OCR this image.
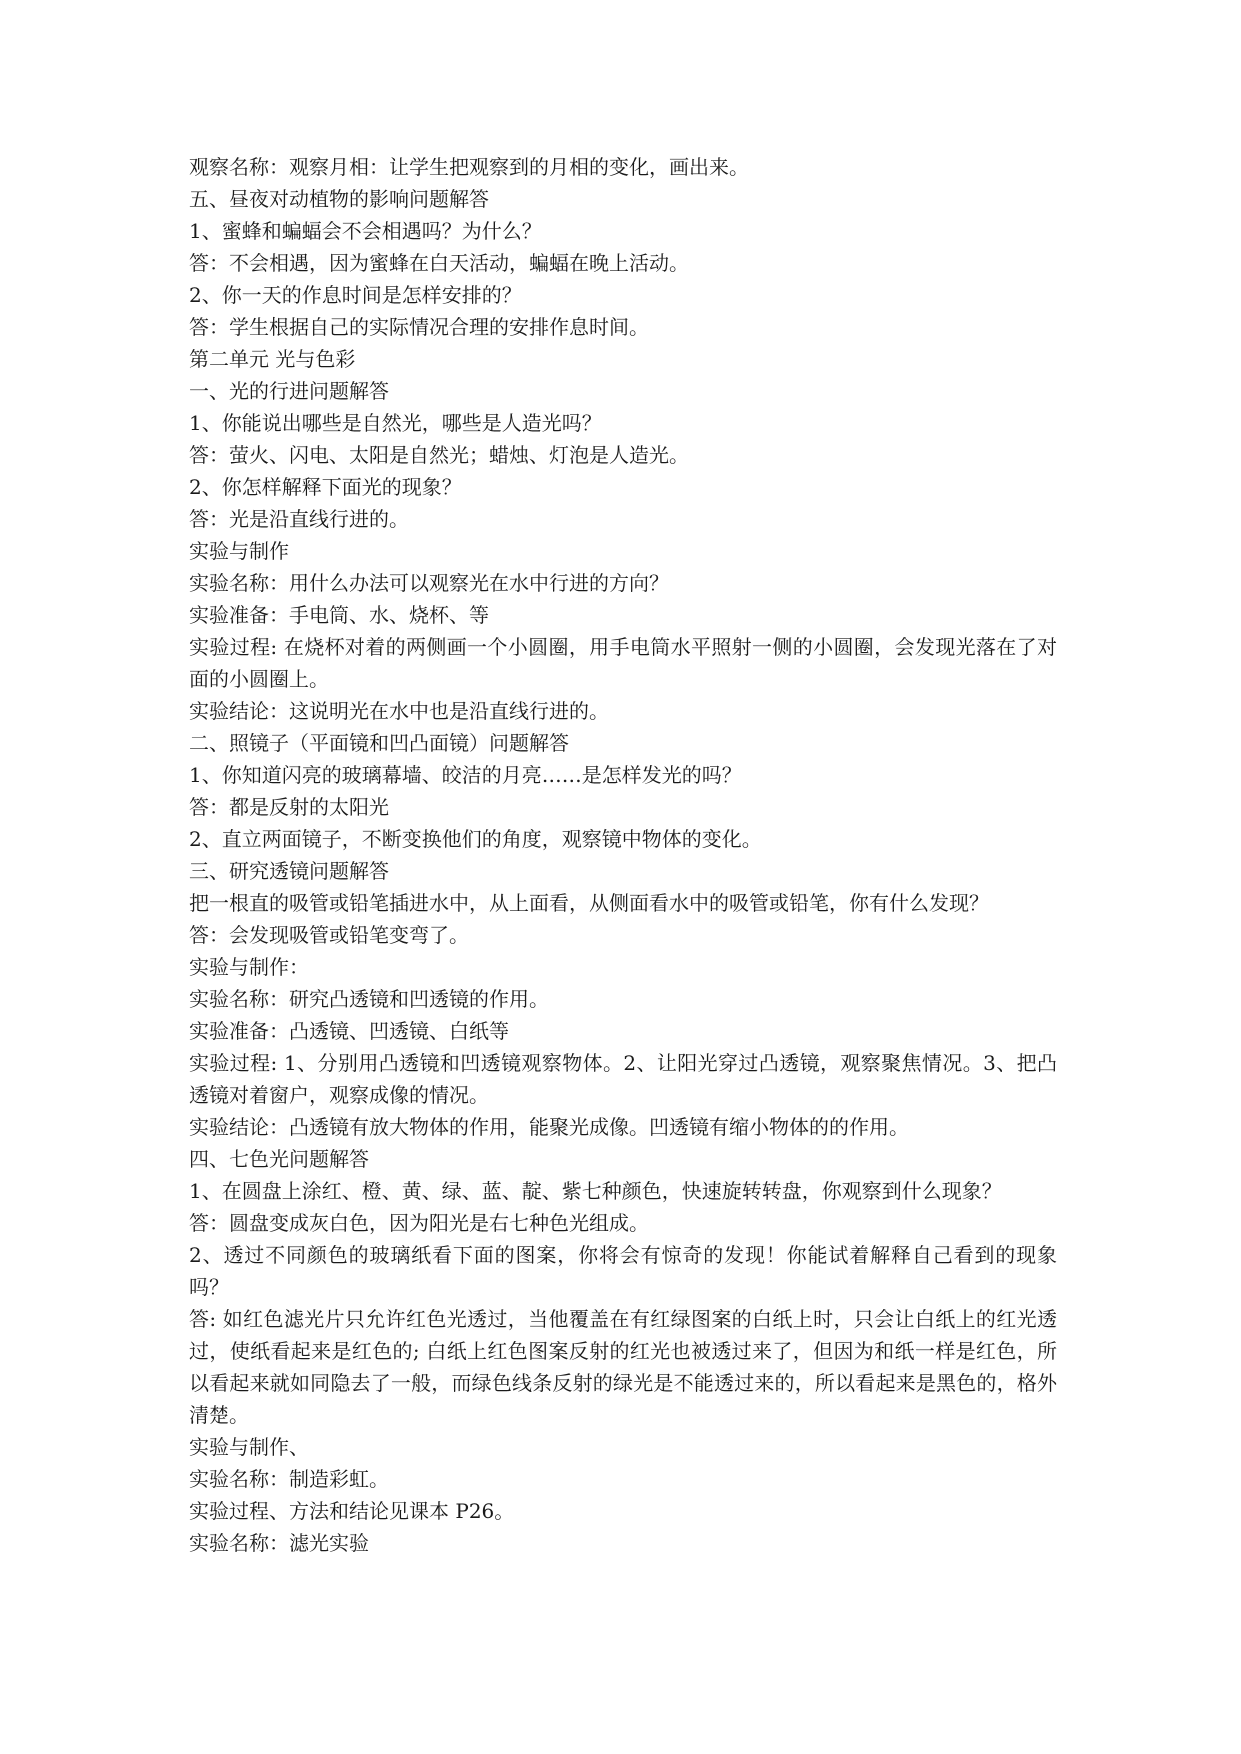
观察名称：观察月相：让学生把观察到的月相的变化，画出来。

五、昼夜对动植物的影响问题解答

1、蜜蜂和蝙蝠会不会相遇吗？为什么？

答：不会相遇，因为蜜蜂在白天活动，蝙蝠在晚上活动。

2、你一天的作息时间是怎样安排的？

答：学生根据自己的实际情况合理的安排作息时间。

第二单元 光与色彩

一、光的行进问题解答

1、你能说出哪些是自然光，哪些是人造光吗？

答：萤火、闪电、太阳是自然光；蜡烛、灯泡是人造光。

2、你怎样解释下面光的现象？

答：光是沿直线行进的。

实验与制作

实验名称：用什么办法可以观察光在水中行进的方向？

实验准备：手电筒、水、烧杯、等

实验过程: 在烧杯对着的两侧画一个小圆圈，用手电筒水平照射一侧的小圆圈，会发现光落在了对面的小圆圈上。

实验结论：这说明光在水中也是沿直线行进的。

二、照镜子（平面镜和凹凸面镜）问题解答

1、你知道闪亮的玻璃幕墙、皎洁的月亮……是怎样发光的吗？

答：都是反射的太阳光

2、直立两面镜子，不断变换他们的角度，观察镜中物体的变化。

三、研究透镜问题解答

把一根直的吸管或铅笔插进水中，从上面看，从侧面看水中的吸管或铅笔，你有什么发现？

答：会发现吸管或铅笔变弯了。

实验与制作：

实验名称：研究凸透镜和凹透镜的作用。

实验准备：凸透镜、凹透镜、白纸等

实验过程: 1、分别用凸透镜和凹透镜观察物体。2、让阳光穿过凸透镜，观察聚焦情况。3、把凸透镜对着窗户，观察成像的情况。

实验结论：凸透镜有放大物体的作用，能聚光成像。凹透镜有缩小物体的的作用。

四、七色光问题解答

1、在圆盘上涂红、橙、黄、绿、蓝、靛、紫七种颜色，快速旋转转盘，你观察到什么现象？

答：圆盘变成灰白色，因为阳光是右七种色光组成。

2、透过不同颜色的玻璃纸看下面的图案，你将会有惊奇的发现！你能试着解释自己看到的现象吗？

答: 如红色滤光片只允许红色光透过，当他覆盖在有红绿图案的白纸上时，只会让白纸上的红光透过，使纸看起来是红色的; 白纸上红色图案反射的红光也被透过来了，但因为和纸一样是红色，所以看起来就如同隐去了一般，而绿色线条反射的绿光是不能透过来的，所以看起来是黑色的，格外清楚。

实验与制作、

实验名称：制造彩虹。

实验过程、方法和结论见课本 P26。

实验名称：滤光实验
